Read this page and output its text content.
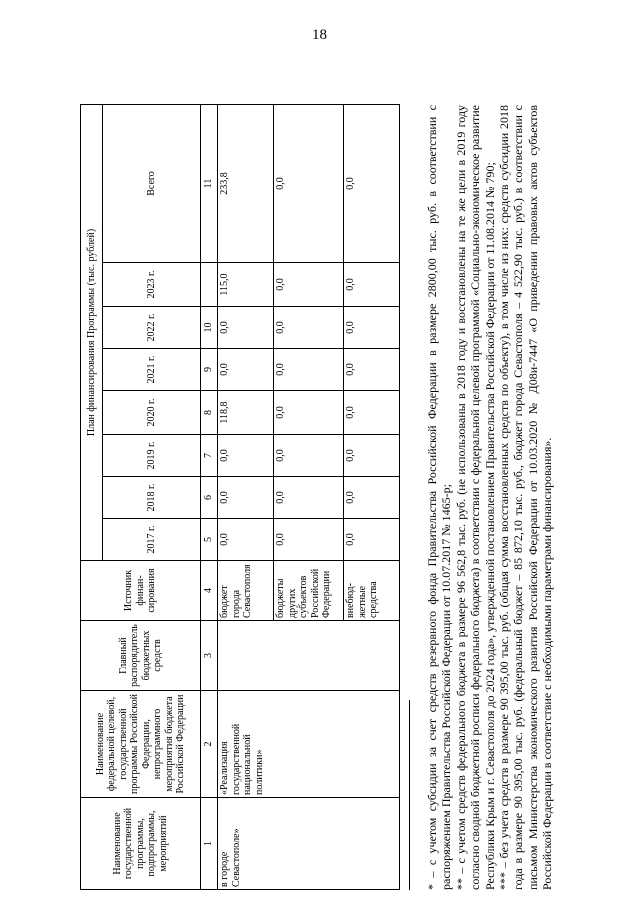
18
Наименование государственной программы, подпрограммы, мероприятий	Наименование федеральной целевой, государственной программы Российской Федерации, непрограммного мероприятия бюджета Российской Федерации	Главный распорядитель бюджетных средств	Источник финан-сирования	План финансирования Программы (тыс. рублей)							
				2017 г.	2018 г.	2019 г.	2020 г.	2021 г.	2022 г.	2023 г.	Всего
1	2	3	4	5	6	7	8	9	10		11
в городе Севастополе»	«Реализация государственной национальной политики»		бюджет города Севастополя	0,0	0,0	0,0	118,8	0,0	0,0	115,0	233,8
			бюджеты других субъектов Российской Федерации	0,0	0,0	0,0	0,0	0,0	0,0	0,0	0,0
			внебюд-жетные средства	0,0	0,0	0,0	0,0	0,0	0,0	0,0	0,0	* – с учетом субсидии за счет средств резервного фонда Правительства Российской Федерации в размере 2800,00 тыс. руб. в соответствии с распоряжением Правительства Российской Федерации от 10.07.2017 № 1465-р; ** – с учетом средств федерального бюджета в размере 96 562,8 тыс. руб. (не использованы в 2018 году и восстановлены на те же цели в 2019 году согласно сводной бюджетной росписи федерального бюджета) в соответствии с федеральной целевой программой «Социально-экономическое развитие Республики Крым и г. Севастополя до 2024 года», утвержденной постановлением Правительства Российской Федерации от 11.08.2014 № 790; *** – без учета средств в размере 90 395,00 тыс. руб. (общая сумма восстановленных средств по объекту), в том числе из них: средств субсидии 2018 года в размере 90 395,00 тыс. руб. (федеральный бюджет – 85 872,10 тыс. руб., бюджет города Севастополя – 4 522,90 тыс. руб.) в соответствии с письмом Министерства экономического развития Российской Федерации от 10.03.2020 № Д08и-7447 «О приведении правовых актов субъектов Российской Федерации в соответствие с необходимыми параметрами финансирования».
